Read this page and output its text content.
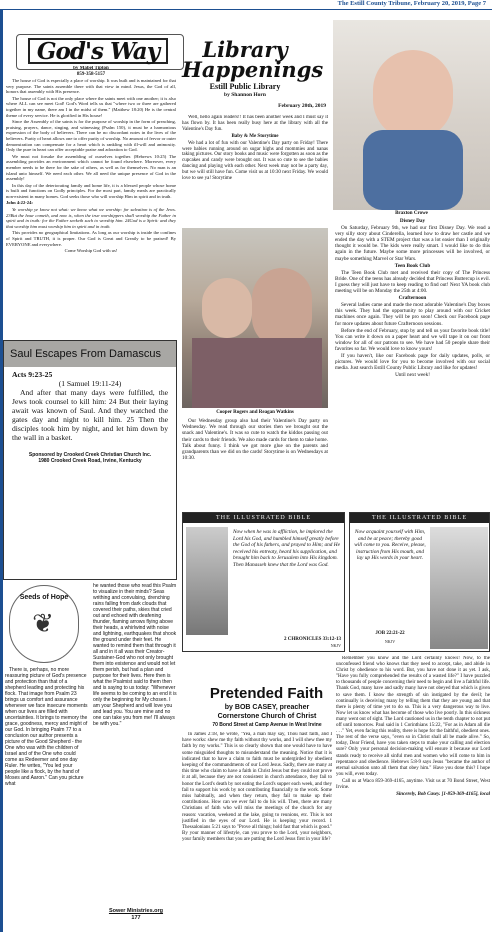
The Estill County Tribune, February 20, 2019, Page 7
God's Way
by Mabel Tipton
859-358-5157

The house of God is especially a place of worship. It was built and is maintained for that very purpose. The saints assemble there with that view in mind. Jesus, the God of all, honors that assembly with His presence.

The house of God is not the only place where the saints meet with one another; it is also where ALL can see meet God! God's Word tells us that "where two or three are gathered together in my name, there am I in the midst of them." (Matthew 18:20) He is the central theme of every service. He is glorified in His house!

Since the Assembly of the saints is for the purpose of worship in the form of preaching, praising, prayers, dance, singing, and witnessing (Psalm 150), it must be a harmonious expression of the body of believers. There can be no discordant notes in the lives of the believers. Purity of heart allows one to offer purity of worship. No amount of fervor or outer demonstration can compensate for a heart which is rankling with ill-will and animosity. Only the pure in heart can offer acceptable praise and adoration to God.

We must not forsake the assembling of ourselves together. (Hebrews 10:25) The assembling provides an environment which cannot be found elsewhere. Moreover, every member needs to be there for the sake of others, as well as for themselves. No man is an island unto himself. We need each other. We all need the unique presence of God in the assembly!

In this day of the deteriorating family and home life, it is a blessed people whose home is built and functions on Godly principles. For the most part, family meals are practically non-existent in many homes. God seeks those who will worship Him in spirit and in truth.

John 4:22-24:

Ye worship ye know not what: we know what we worship: for salvation is of the Jews. 23But the hour cometh, and now is, when the true worshippers shall worship the Father in spirit and in truth: for the Father seeketh such to worship him. 24God is a Spirit: and they that worship him must worship him in spirit and in truth.

This provides no geographical limitations. As long as our worship is inside the confines of Spirit and TRUTH, it is proper. Our God is Great and Greatly to be praised! By EVERYONE and everywhere.

Come Worship God with us!

Saul Escapes From Damascus
Acts 9:23-25
(1 Samuel 19:11-24)
And after that many days were fulfilled, the Jews took counsel to kill him: 24 But their laying await was known of Saul. And they watched the gates day and night to kill him. 25 Then the disciples took him by night, and let him down by the wall in a basket.
Sponsored by Crooked Creek Christian Church Inc.
1980 Crooked Creek Road, Irvine, Kentucky
Seeds of Hope
❦
There is, perhaps, no more reassuring picture of God's presence and protection than that of a shepherd leading and protecting his flock. That image from Psalm 23 brings us comfort and assurance whenever we face insecure moments when our lives are filled with uncertainties. It brings to memory the grace, goodness, mercy and might of our God. In bringing Psalm 77 to a conclusion our author presents a picture of the Good Shepherd - the One who was with the children of Israel and of the One who could come as Redeemer and one day Ruler. He writes, "You led your people like a flock, by the hand of Moses and Aaron." Can you picture what
he wanted those who read this Psalm to visualize in their minds? Seas writhing and convulsing, drenching rains falling from dark clouds that covered their paths, skies that cried out and echoed with deafening thunder, flaming arrows flying above their heads, a whirlwind with noise and lightning, earthquakes that shook the ground under their feet. He wanted to remind them that through it all and in it all was their Creator-Sustainer-God who not only brought them into existence and would not let them perish, but had a plan and purpose for their lives. Here then is what the Psalmist said to them then and is saying to us today: "Whenever life seems to be coming to an end it is only the beginning for My chosen. I am your Shepherd and will love you and lead you. You are mine and no one can take you from me! I'll always be with you."
Sower Ministries.org
177
Library
Happenings
Estill Public Library
by Shannon Horn
February 20th, 2019

Well, hello again readers!! It has been another week and I must say it has flown by. It has been really busy here at the library with all the Valentine's Day fun.

Baby & Me Storytime

We had a lot of fun with our Valentine's Day party on Friday! There were babies running around on sugar highs and mommies and nanas taking pictures. Our story books and music were forgotten as soon as the cupcakes and candy were brought out. It was so cute to see the babies dancing and playing with each other. Next week may not be a party day, but we will still have fun. Come visit us at 10:30 next Friday. We would love to see ya! Storytime

Cooper Rogers and Reagan Watkins

Our Wednesday group also had their Valentine's Day party on Wednesday. We read through our stories then we brought out the snack and Valentine's. It was so cute to watch the kiddos passing out their cards to their friends. We also made cards for them to take home. Talk about funny. I think we got more glue on the parents and grandparents than we did on the cards! Storytime is on Wednesdays at 10:30.

Braxton Crowe

Disney Day

On Saturday, February 9th, we had our first Disney Day. We read a very silly story about Cinderella, learned how to draw her castle and we ended the day with a STEM project that was a lot easier than I originally thought it would be. The kids were really smart. I would like to do this again in the future. Maybe some more princesses will be involved, or maybe something Marvel or Star Wars.

Teen Book Club

The Teen Book Club met and received their copy of The Princess Bride. One of the teens has already decided that Princess Buttercup is evil. I guess they will just have to keep reading to find out! Next YA book club meeting will be on Monday the 25th at 4:00.

Crafternoon

Several ladies came and made the most adorable Valentine's Day boxes this week. They had the opportunity to play around with our Cricket machines once again. They will be pro soon! Check our Facebook page for more updates about future Crafternoon sessions.

Before the end of February, stop by and tell us your favorite book title! You can write it down on a paper heart and we will tape it on our front window for all of our patrons to see. We have had 50 people share their favorites so far. We would love to know yours!

If you haven't, like our Facebook page for daily updates, polls, or pictures. We would love for you to become involved with our social media. Just search Estill County Public Library and like for updates!

Until next week!

THE ILLUSTRATED BIBLE
Now when he was in affliction, he implored the Lord his God, and humbled himself greatly before the God of his fathers, and prayed to Him; and He received his entreaty, heard his supplication, and brought him back to Jerusalem into His kingdom. Then Manasseh knew that the Lord was God.
2 CHRONICLES 33:12-13
NKJV
THE ILLUSTRATED BIBLE
Now acquaint yourself with Him, and be at peace; thereby good will come to you. Receive, please, instruction from His mouth, and lay up His words in your heart.
JOB 22:21-22
NKJV
Pretended Faith
by BOB CASEY, preacher
Cornerstone Church of Christ
70 Bond Street at Camp Avenue in West Irvine
In James 2:18, he wrote, "Yea, a man may say, Thou hast faith, and I have works: shew me thy faith without thy works, and I will shew thee my faith by my works." This is so clearly shown that one would have to have some misguided thoughts to misunderstand the meaning. Notice that it is indicated that to have a claim to faith must be undergirded by obedient keeping of the commandments of our Lord Jesus. Sadly, there are many at this time who claim to have a faith in Christ Jesus but they could not prove it at all, because they are not consistent in church attendance, they fail to honor the Lord's death by not eating the Lord's supper each week, and they fail to support his work by not contributing financially to the work. Some miss habitually, and when they return, they fail to make up their contributions. How can we ever fail to do his will. Then, there are many Christians of faith who will miss the meetings of the church for any reason: vacation, weekend at the lake, going to reunions, etc. This is not justified in the eyes of our Lord. He is keeping your record. 1 Thessalonians 5:21 says to "Prove all things; hold fast that which is good." By your manner of lifestyle, can you prove to the Lord, your neighbors, your family members that you are putting the Lord Jesus first in your life?

Remember you know and the Lord certainly knows! Now, to the unconfessed friend who knows that they need to accept, take, and abide in Christ by obedience to his word. But, you have not done it as yet. I ask, "Have you fully comprehended the results of a wasted life?" I have puzzled to thousands of people concerning their need to begin and live a faithful life. Thank God, many have and sadly many have not obeyed that which is given to save them. I know the strength of sin instigated by the devil; he continually is deceiving many by telling them that they are young and that there is plenty of time yet to do so. This is a very dangerous way to live. Now let us know what has become of those who live poorly. In this sickness many went out of sight. The Lord cautioned us in the tenth chapter to not put off until tomorrow. Paul said in 1 Corinthians 15:22, "For as in Adam all die . . ." Yet, even facing this reality, there is hope for the faithful, obedient ones. The rest of the verse says, "even so in Christ shall all be made alive." So, today, Dear Friend, have you taken steps to make your calling and election sure? Only your personal decision-making will ensure it because our Lord stands ready to receive all sinful men and women who will come to him in repentance and obedience. Hebrews 5:8-9 says Jesus "became the author of eternal salvation unto all them that obey him." Have you done this? I hope you will, even today.

Call us at Waco 859-369-4165, anytime. Visit us at 70 Bond Street, West Irvine.

Sincerely, Bob Casey. [1-859-369-4165], local
